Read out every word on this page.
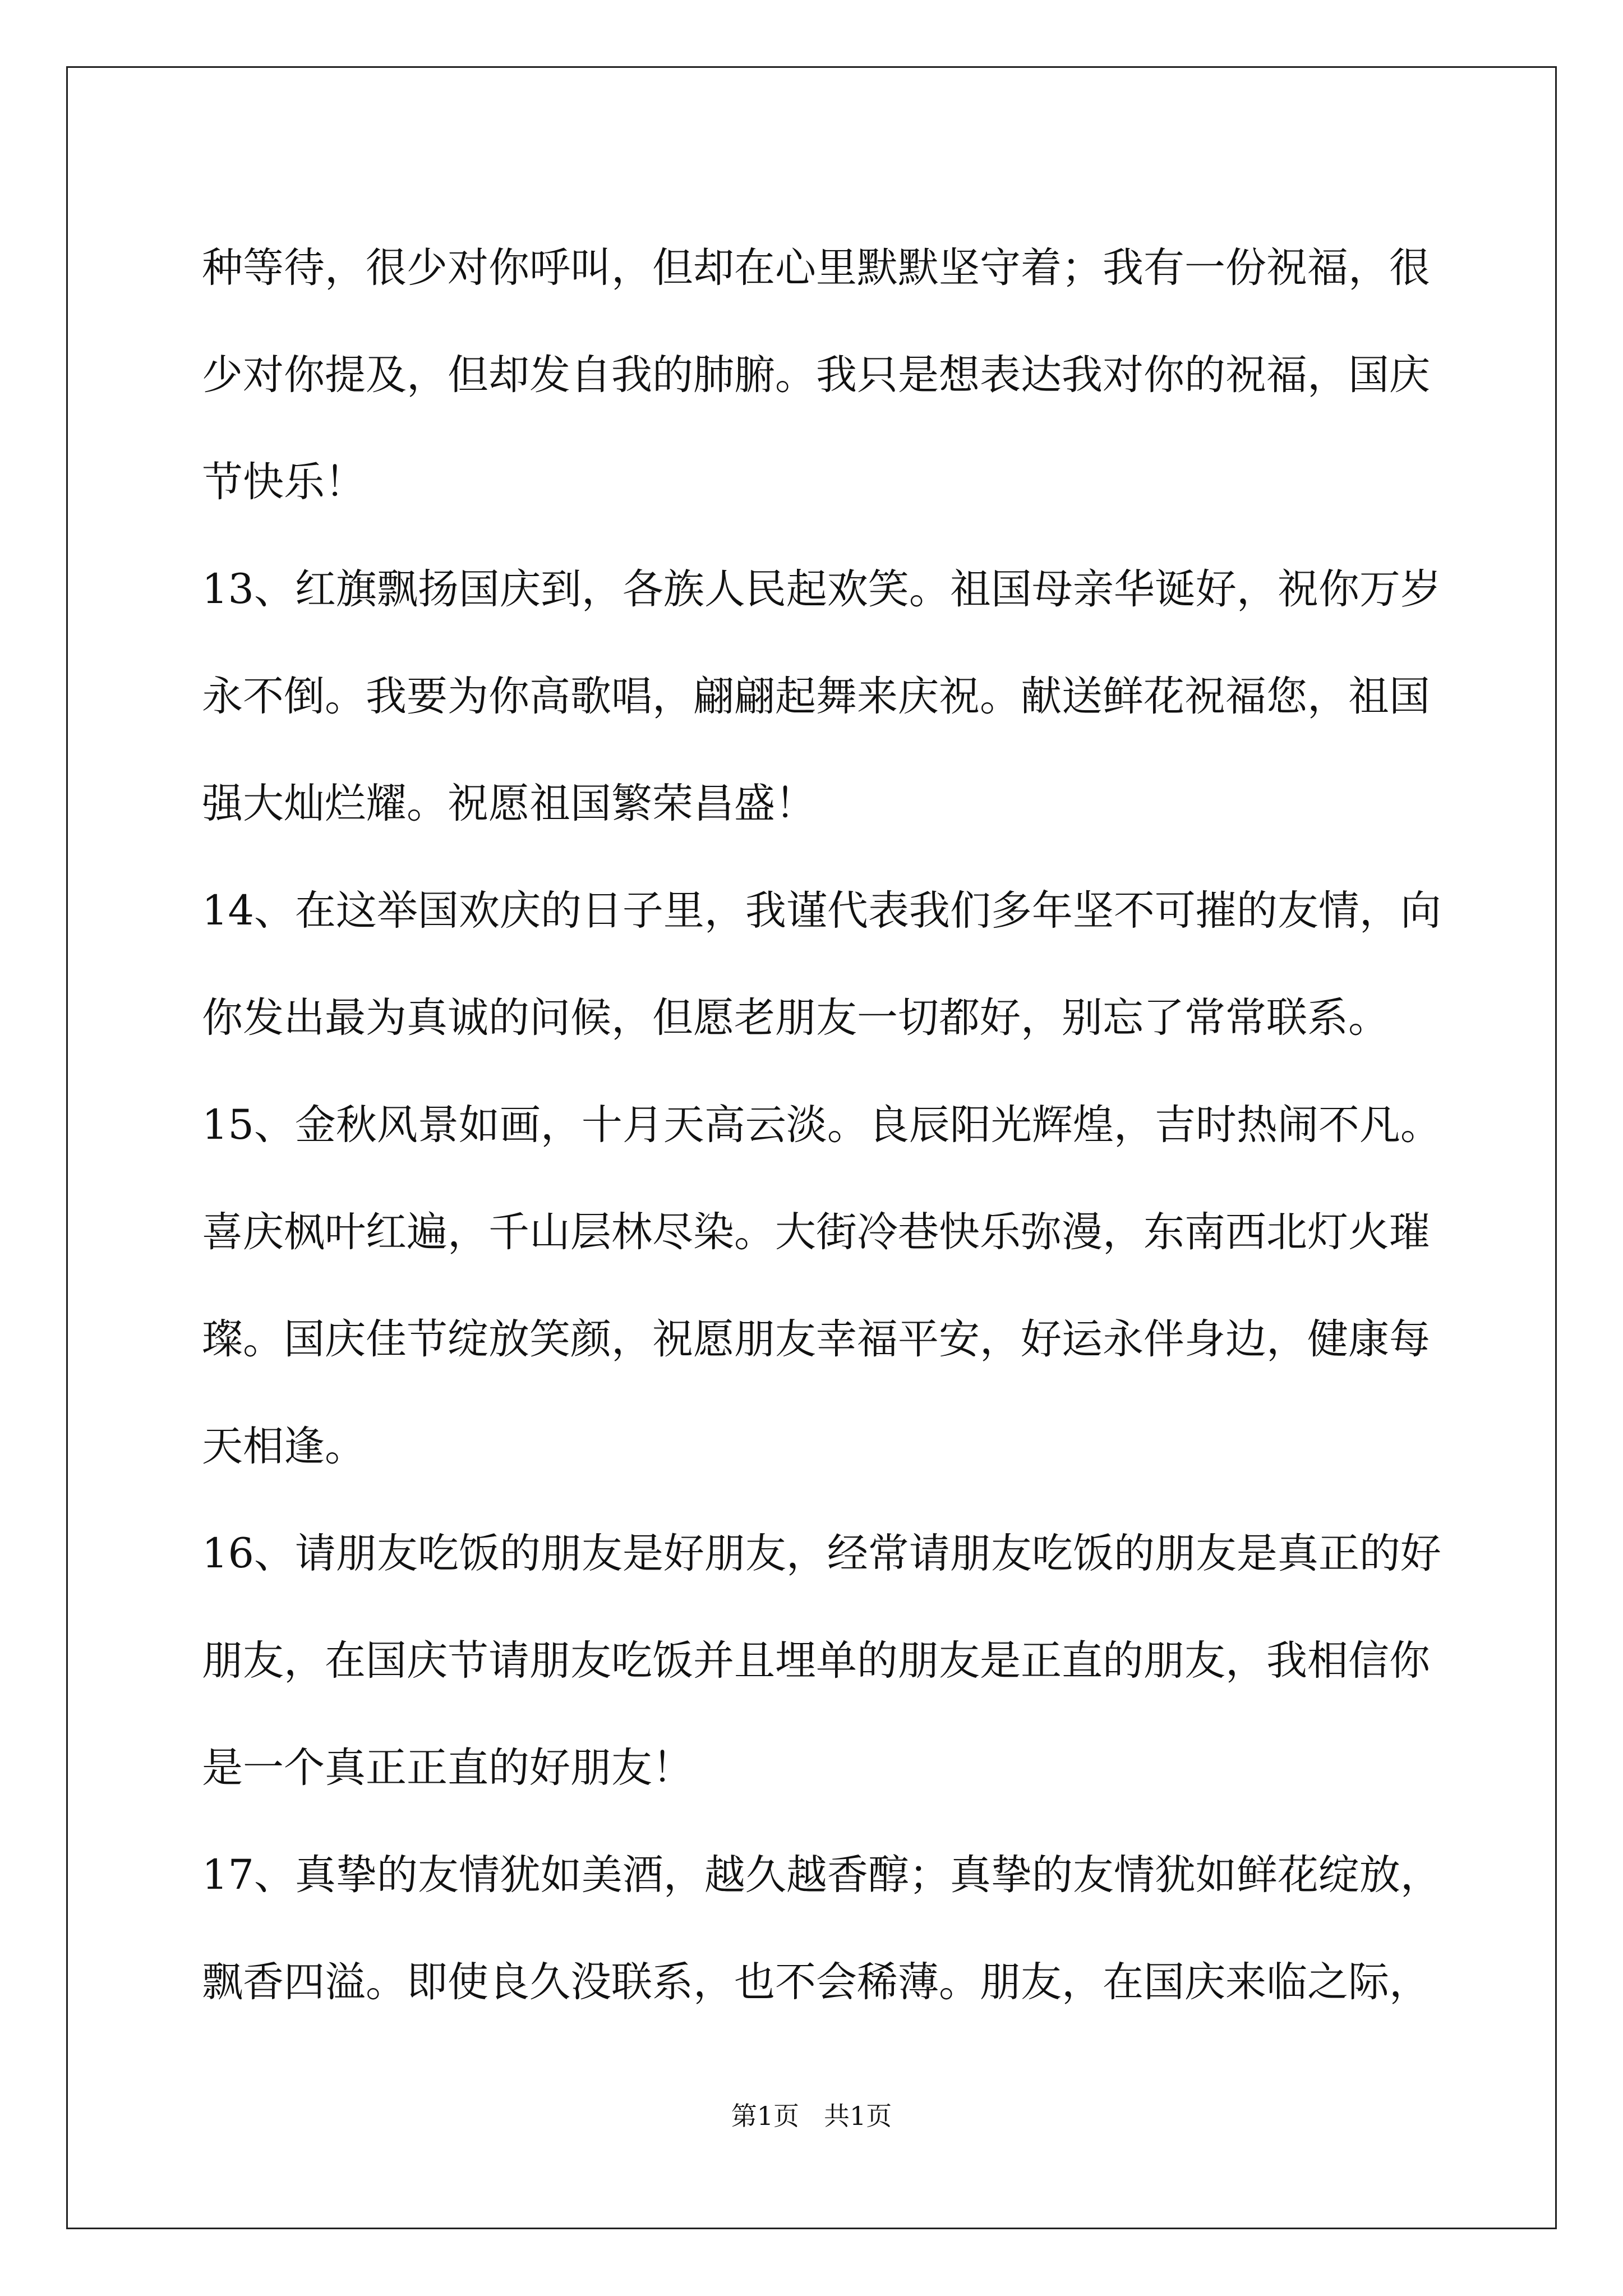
种等待，很少对你呼叫，但却在心里默默坚守着；我有一份祝福，很
少对你提及，但却发自我的肺腑。我只是想表达我对你的祝福，国庆
节快乐！
13、红旗飘扬国庆到，各族人民起欢笑。祖国母亲华诞好，祝你万岁
永不倒。我要为你高歌唱，翩翩起舞来庆祝。献送鲜花祝福您，祖国
强大灿烂耀。祝愿祖国繁荣昌盛！
14、在这举国欢庆的日子里，我谨代表我们多年坚不可摧的友情，向
你发出最为真诚的问候，但愿老朋友一切都好，别忘了常常联系。
15、金秋风景如画，十月天高云淡。良辰阳光辉煌，吉时热闹不凡。
喜庆枫叶红遍，千山层林尽染。大街冷巷快乐弥漫，东南西北灯火璀
璨。国庆佳节绽放笑颜，祝愿朋友幸福平安，好运永伴身边，健康每
天相逢。
16、请朋友吃饭的朋友是好朋友，经常请朋友吃饭的朋友是真正的好
朋友，在国庆节请朋友吃饭并且埋单的朋友是正直的朋友，我相信你
是一个真正正直的好朋友！
17、真挚的友情犹如美酒，越久越香醇；真挚的友情犹如鲜花绽放，
飘香四溢。即使良久没联系，也不会稀薄。朋友，在国庆来临之际，
第1页 共1页
